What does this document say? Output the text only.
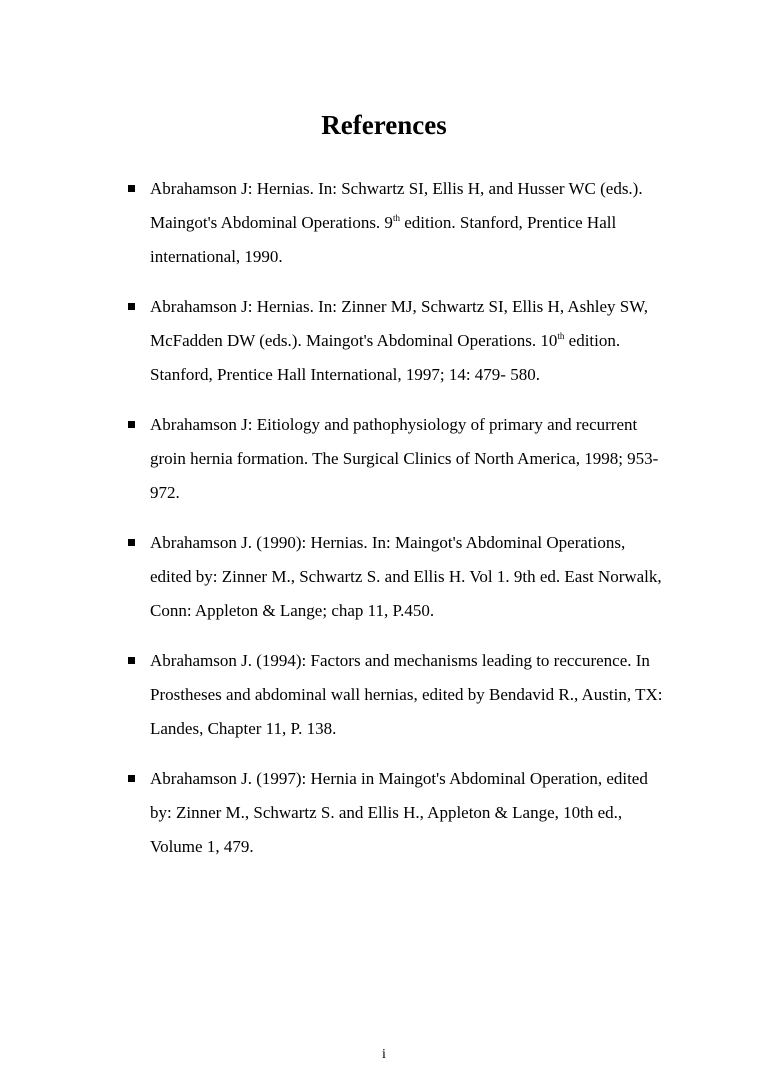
References
Abrahamson J: Hernias. In: Schwartz SI, Ellis H, and Husser WC (eds.). Maingot's Abdominal Operations. 9th edition. Stanford, Prentice Hall international, 1990.
Abrahamson J: Hernias. In: Zinner MJ, Schwartz SI, Ellis H, Ashley SW, McFadden DW (eds.). Maingot's Abdominal Operations. 10th edition. Stanford, Prentice Hall International, 1997; 14: 479- 580.
Abrahamson J: Eitiology and pathophysiology of primary and recurrent groin hernia formation. The Surgical Clinics of North America, 1998; 953-972.
Abrahamson J. (1990): Hernias. In: Maingot's Abdominal Operations, edited by: Zinner M., Schwartz S. and Ellis H. Vol 1. 9th ed. East Norwalk, Conn: Appleton & Lange; chap 11, P.450.
Abrahamson J. (1994): Factors and mechanisms leading to reccurence. In Prostheses and abdominal wall hernias, edited by Bendavid R., Austin, TX: Landes, Chapter 11, P. 138.
Abrahamson J. (1997): Hernia in Maingot's Abdominal Operation, edited by: Zinner M., Schwartz S. and Ellis H., Appleton & Lange, 10th ed., Volume 1, 479.
i
